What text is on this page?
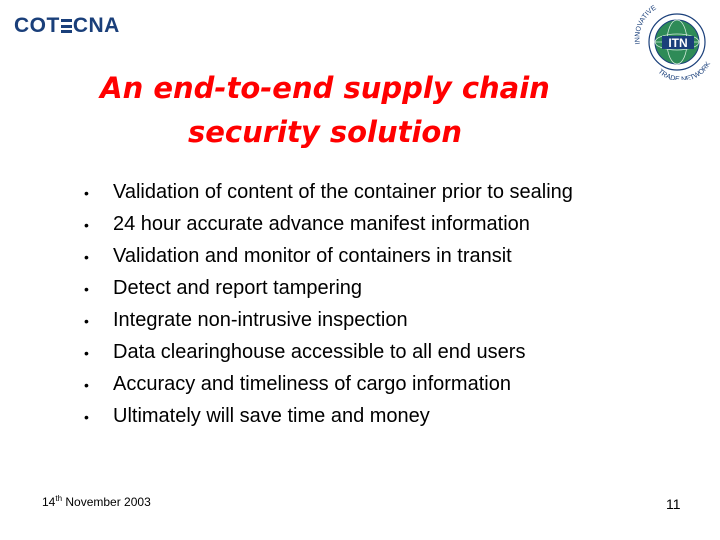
COT CNA
ITN
INNOVATIVE
TRADE NETWORK
An end-to-end supply chain
security solution
•	Validation of content of the container prior to sealing
•	24 hour accurate advance manifest information
•	Validation and monitor of containers in transit
•	Detect and report tampering
•	Integrate non-intrusive inspection
•	Data clearinghouse accessible to all end users
•	Accuracy and timeliness of cargo information
•	Ultimately will save time and money
14th November 2003	11
